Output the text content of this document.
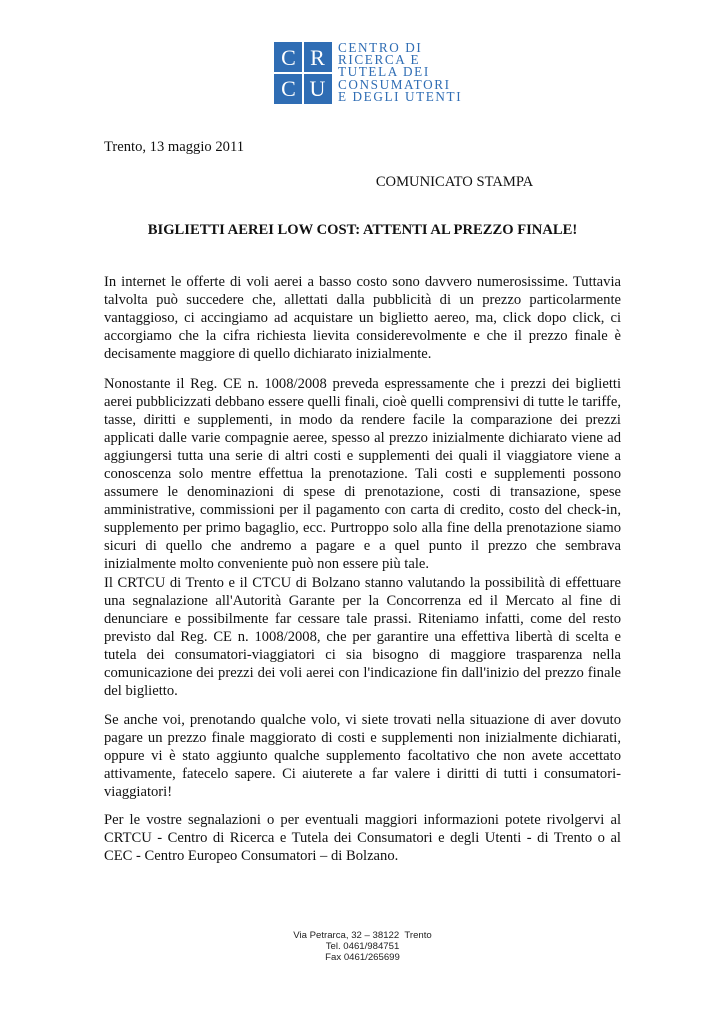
C R
C U
CENTRO DI
RICERCA E
TUTELA DEI
CONSUMATORI
E DEGLI UTENTI
Trento, 13 maggio 2011
COMUNICATO STAMPA
BIGLIETTI AEREI LOW COST: ATTENTI AL PREZZO FINALE!

In internet le offerte di voli aerei a basso costo sono davvero numerosissime. Tuttavia talvolta può succedere che, allettati dalla pubblicità di un prezzo particolarmente vantaggioso, ci accingiamo ad acquistare un biglietto aereo, ma, click dopo click, ci accorgiamo che la cifra richiesta lievita considerevolmente e che il prezzo finale è decisamente maggiore di quello dichiarato inizialmente.

Nonostante il Reg. CE n. 1008/2008 preveda espressamente che i prezzi dei biglietti aerei pubblicizzati debbano essere quelli finali, cioè quelli comprensivi di tutte le tariffe, tasse, diritti e supplementi, in modo da rendere facile la comparazione dei prezzi applicati dalle varie compagnie aeree, spesso al prezzo inizialmente dichiarato viene ad aggiungersi tutta una serie di altri costi e supplementi dei quali il viaggiatore viene a conoscenza solo mentre effettua la prenotazione. Tali costi e supplementi possono assumere le denominazioni di spese di prenotazione, costi di transazione, spese amministrative, commissioni per il pagamento con carta di credito, costo del check-in, supplemento per primo bagaglio, ecc. Purtroppo solo alla fine della prenotazione siamo sicuri di quello che andremo a pagare e a quel punto il prezzo che sembrava inizialmente molto conveniente può non essere più tale.

Il CRTCU di Trento e il CTCU di Bolzano stanno valutando la possibilità di effettuare una segnalazione all'Autorità Garante per la Concorrenza ed il Mercato al fine di denunciare e possibilmente far cessare tale prassi. Riteniamo infatti, come del resto previsto dal Reg. CE n. 1008/2008, che per garantire una effettiva libertà di scelta e tutela dei consumatori-viaggiatori ci sia bisogno di maggiore trasparenza nella comunicazione dei prezzi dei voli aerei con l'indicazione fin dall'inizio del prezzo finale del biglietto.

Se anche voi, prenotando qualche volo, vi siete trovati nella situazione di aver dovuto pagare un prezzo finale maggiorato di costi e supplementi non inizialmente dichiarati, oppure vi è stato aggiunto qualche supplemento facoltativo che non avete accettato attivamente, fatecelo sapere. Ci aiuterete a far valere i diritti di tutti i consumatori-viaggiatori!

Per le vostre segnalazioni o per eventuali maggiori informazioni potete rivolgervi al CRTCU - Centro di Ricerca e Tutela dei Consumatori e degli Utenti - di Trento o al CEC - Centro Europeo Consumatori – di Bolzano.

Via Petrarca, 32 – 38122  Trento
Tel. 0461/984751
Fax 0461/265699
